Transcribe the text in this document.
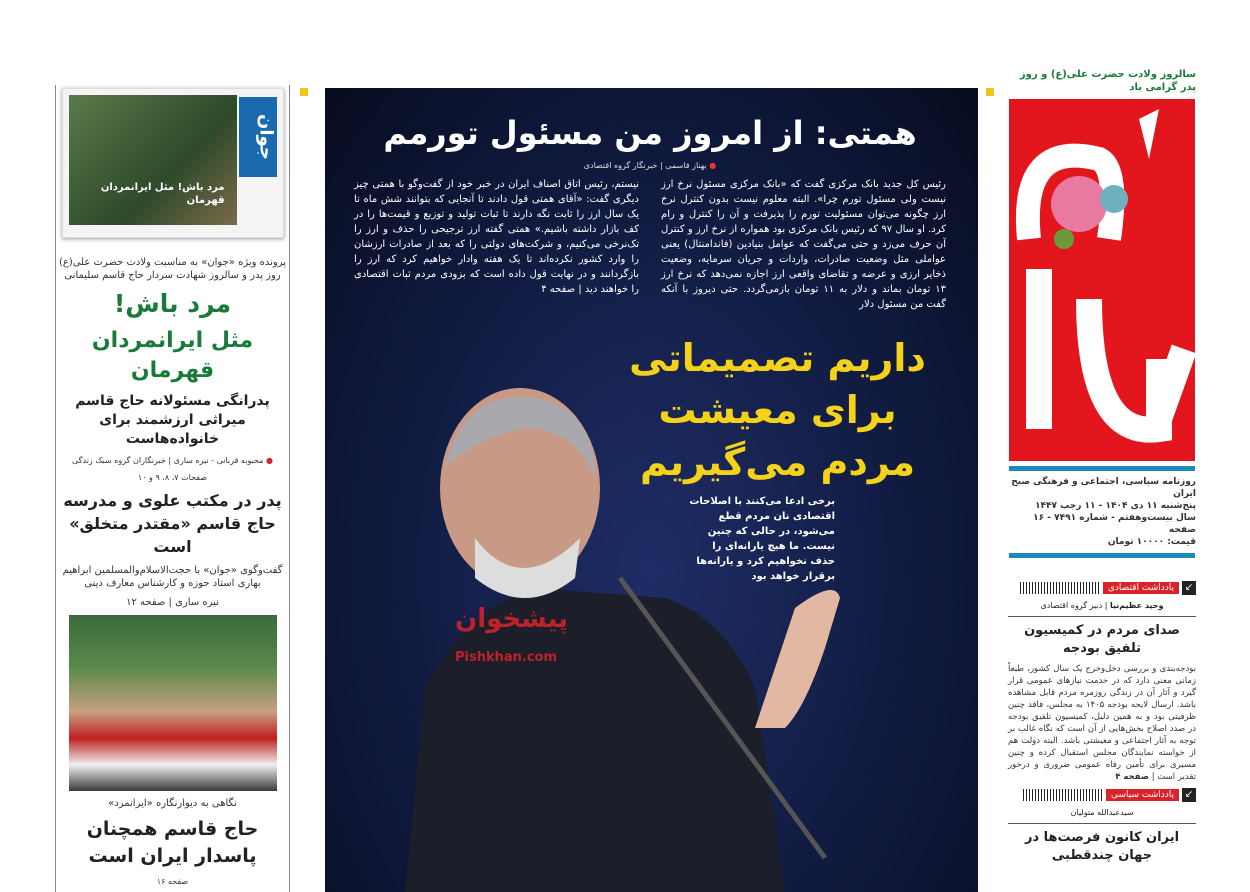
جوان
مرد باش! مثل ایرانمردان قهرمان
پرونده ویژه «جوان» به مناسبت ولادت حضرت علی(ع) روز پدر و سالروز شهادت سردار حاج قاسم سلیمانی
مرد باش!
مثل ایرانمردان قهرمان
پدرانگی مسئولانه حاج قاسم میراثی ارزشمند برای خانواده‌هاست
● محبوبه قربانی - نیره ساری | خبرنگاران گروه سبک زندگی
صفحات ۷، ۸، ۹ و ۱۰
پدر در مکتب علوی و مدرسه حاج قاسم «مقتدر متخلق» است
گفت‌وگوی «جوان» با حجت‌الاسلام‌والمسلمین ابراهیم بهاری استاد حوزه و کارشناس معارف دینی
نیره ساری | صفحه ۱۲
نگاهی به دیوارنگاره «ایرانمرد»
حاج قاسم همچنان پاسدار ایران است
صفحه ۱۶
پیشخوان
Pishkhan.com
همتی: از امروز من مسئول تورمم
● بهناز قاسمی | خبرنگار گروه اقتصادی
رئیس کل جدید بانک مرکزی گفت که «بانک مرکزی مسئول نرخ ارز نیست ولی مسئول تورم چرا». البته معلوم نیست بدون کنترل نرخ ارز چگونه می‌توان مسئولیت تورم را پذیرفت و آن را کنترل و رام کرد. او سال ۹۷ که رئیس بانک مرکزی بود همواره از نرخ ارز و کنترل آن حرف می‌زد و حتی می‌گفت که عوامل بنیادین (فاندامنتال) یعنی عواملی مثل وضعیت صادرات، واردات و جریان سرمایه، وضعیت ذخایر ارزی و عرضه و تقاضای واقعی ارز اجازه نمی‌دهد که نرخ ارز ۱۳ تومان بماند و دلار به ۱۱ تومان بازمی‌گردد. حتی دیروز با آنکه گفت من مسئول دلار
نیستم، رئیس اتاق اصناف ایران در خبر خود از گفت‌وگو با همتی چیز دیگری گفت: «آقای همتی قول دادند تا آنجایی که بتوانند شش ماه تا یک سال ارز را ثابت نگه دارند تا ثبات تولید و توزیع و قیمت‌ها را در کف بازار داشته باشیم.» همتی گفته ارز ترجیحی را حذف و ارز را تک‌نرخی می‌کنیم، و شرکت‌های دولتی را که بعد از صادرات ارزشان را وارد کشور نکرده‌اند تا یک هفته وادار خواهیم کرد که ارز را بازگردانند و در نهایت قول داده است که بزودی مردم ثبات اقتصادی را خواهند دید | صفحه ۴
داریم تصمیماتی
برای معیشت
مردم می‌گیریم
برخی ادعا می‌کنند با اصلاحات اقتصادی نان مردم قطع می‌شود، در حالی که چنین نیست. ما هیچ یارانه‌ای را حذف نخواهیم کرد و یارانه‌ها برقرار خواهد بود
سالروز ولادت حضرت علی(ع) و روز پدر گرامی باد
روزنامه سیاسی، اجتماعی و فرهنگی صبح ایران
پنج‌شنبه ۱۱ دی ۱۴۰۴ - ۱۱ رجب ۱۴۴۷
سال بیست‌وهفتم - شماره ۷۴۹۱ - ۱۶ صفحه
قیمت: ۱۰۰۰۰ تومان
↙
یادداشت اقتصادی
وحید عظیم‌نیا | دبیر گروه اقتصادی
صدای مردم در کمیسیون تلفیق بودجه
بودجه‌بندی و بررسی دخل‌وخرج یک سال کشور، طبعاً زمانی معنی دارد که در خدمت نیازهای عمومی قرار گیرد و آثار آن در زندگی روزمره مردم قابل مشاهده باشد. ارسال لایحه بودجه ۱۴۰۵ به مجلس، فاقد چنین ظرفیتی بود و به همین دلیل، کمیسیون تلفیق بودجه در صدد اصلاح بخش‌هایی از آن است که نگاه غالب بر توجه به آثار اجتماعی و معیشتی باشد. البته دولت هم از خواسته نمایندگان مجلس استقبال کرده و چنین مسیری برای تأمین رفاه عمومی ضروری و درخور تقدیر است | صفحه ۴
↙
یادداشت سیاسی
سیدعبدالله متولیان
ایران کانون فرصت‌ها در جهان چندقطبی
